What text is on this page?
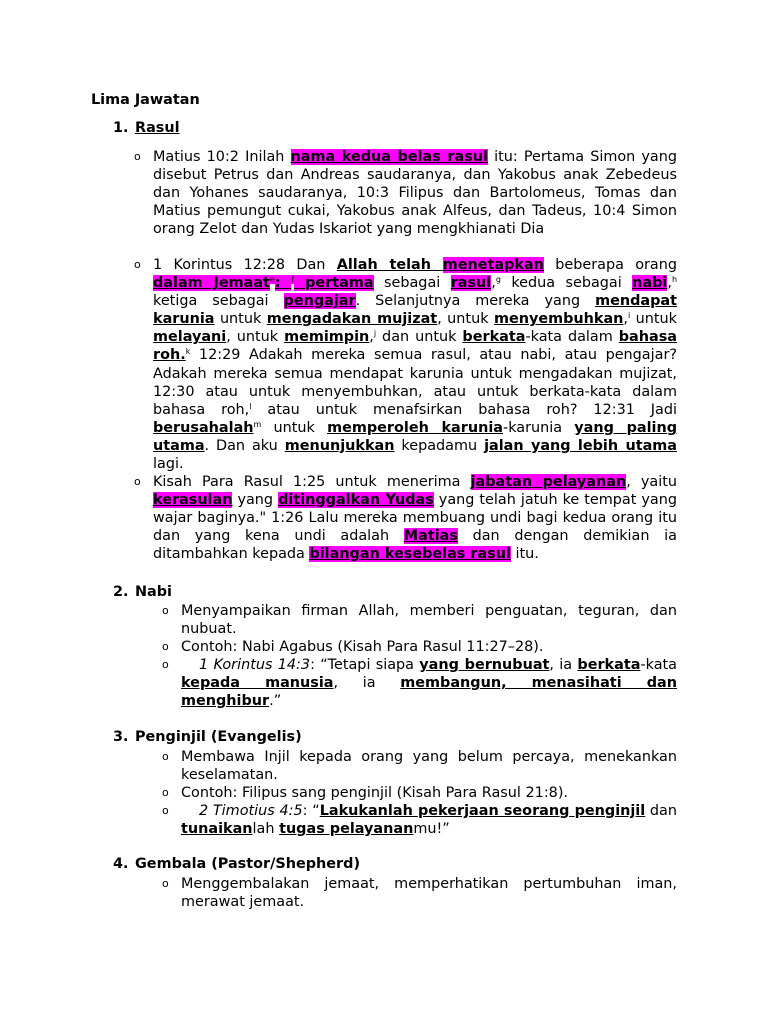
Lima Jawatan
1. Rasul
o Matius 10:2 Inilah nama kedua belas rasul itu: Pertama Simon yang disebut Petrus dan Andreas saudaranya, dan Yakobus anak Zebedeus dan Yohanes saudaranya, 10:3 Filipus dan Bartolomeus, Tomas dan Matius pemungut cukai, Yakobus anak Alfeus, dan Tadeus, 10:4 Simon orang Zelot dan Yudas Iskariot yang mengkhianati Dia
o 1 Korintus 12:28 Dan Allah telah menetapkan beberapa orang dalam Jemaat$^e$: $^f$ pertama sebagai rasul,$^g$ kedua sebagai nabi,$^h$ ketiga sebagai pengajar. Selanjutnya mereka yang mendapat karunia untuk mengadakan mujizat, untuk menyembuhkan,$^i$ untuk melayani, untuk memimpin,$^j$ dan untuk berkata-kata dalam bahasa roh.$^k$ 12:29 Adakah mereka semua rasul, atau nabi, atau pengajar? Adakah mereka semua mendapat karunia untuk mengadakan mujizat, 12:30 atau untuk menyembuhkan, atau untuk berkata-kata dalam bahasa roh,$^l$ atau untuk menafsirkan bahasa roh? 12:31 Jadi berusahalah$^m$ untuk memperoleh karunia-karunia yang paling utama. Dan aku menunjukkan kepadamu jalan yang lebih utama lagi.
o Kisah Para Rasul 1:25 untuk menerima jabatan pelayanan, yaitu kerasulan yang ditinggalkan Yudas yang telah jatuh ke tempat yang wajar baginya." 1:26 Lalu mereka membuang undi bagi kedua orang itu dan yang kena undi adalah Matias dan dengan demikian ia ditambahkan kepada bilangan kesebelas rasul itu.
2. Nabi
o Menyampaikan firman Allah, memberi penguatan, teguran, dan nubuat.
o Contoh: Nabi Agabus (Kisah Para Rasul 11:27–28).
o 1 Korintus 14:3: “Tetapi siapa yang bernubuat, ia berkata-kata kepada manusia, ia membangun, menasihati dan menghibur.”
3. Penginjil (Evangelis)
o Membawa Injil kepada orang yang belum percaya, menekankan keselamatan.
o Contoh: Filipus sang penginjil (Kisah Para Rasul 21:8).
o 2 Timotius 4:5: “Lakukanlah pekerjaan seorang penginjil dan tunaikanlah tugas pelayananmu!”
4. Gembala (Pastor/Shepherd)
o Menggembalakan jemaat, memperhatikan pertumbuhan iman, merawat jemaat.
